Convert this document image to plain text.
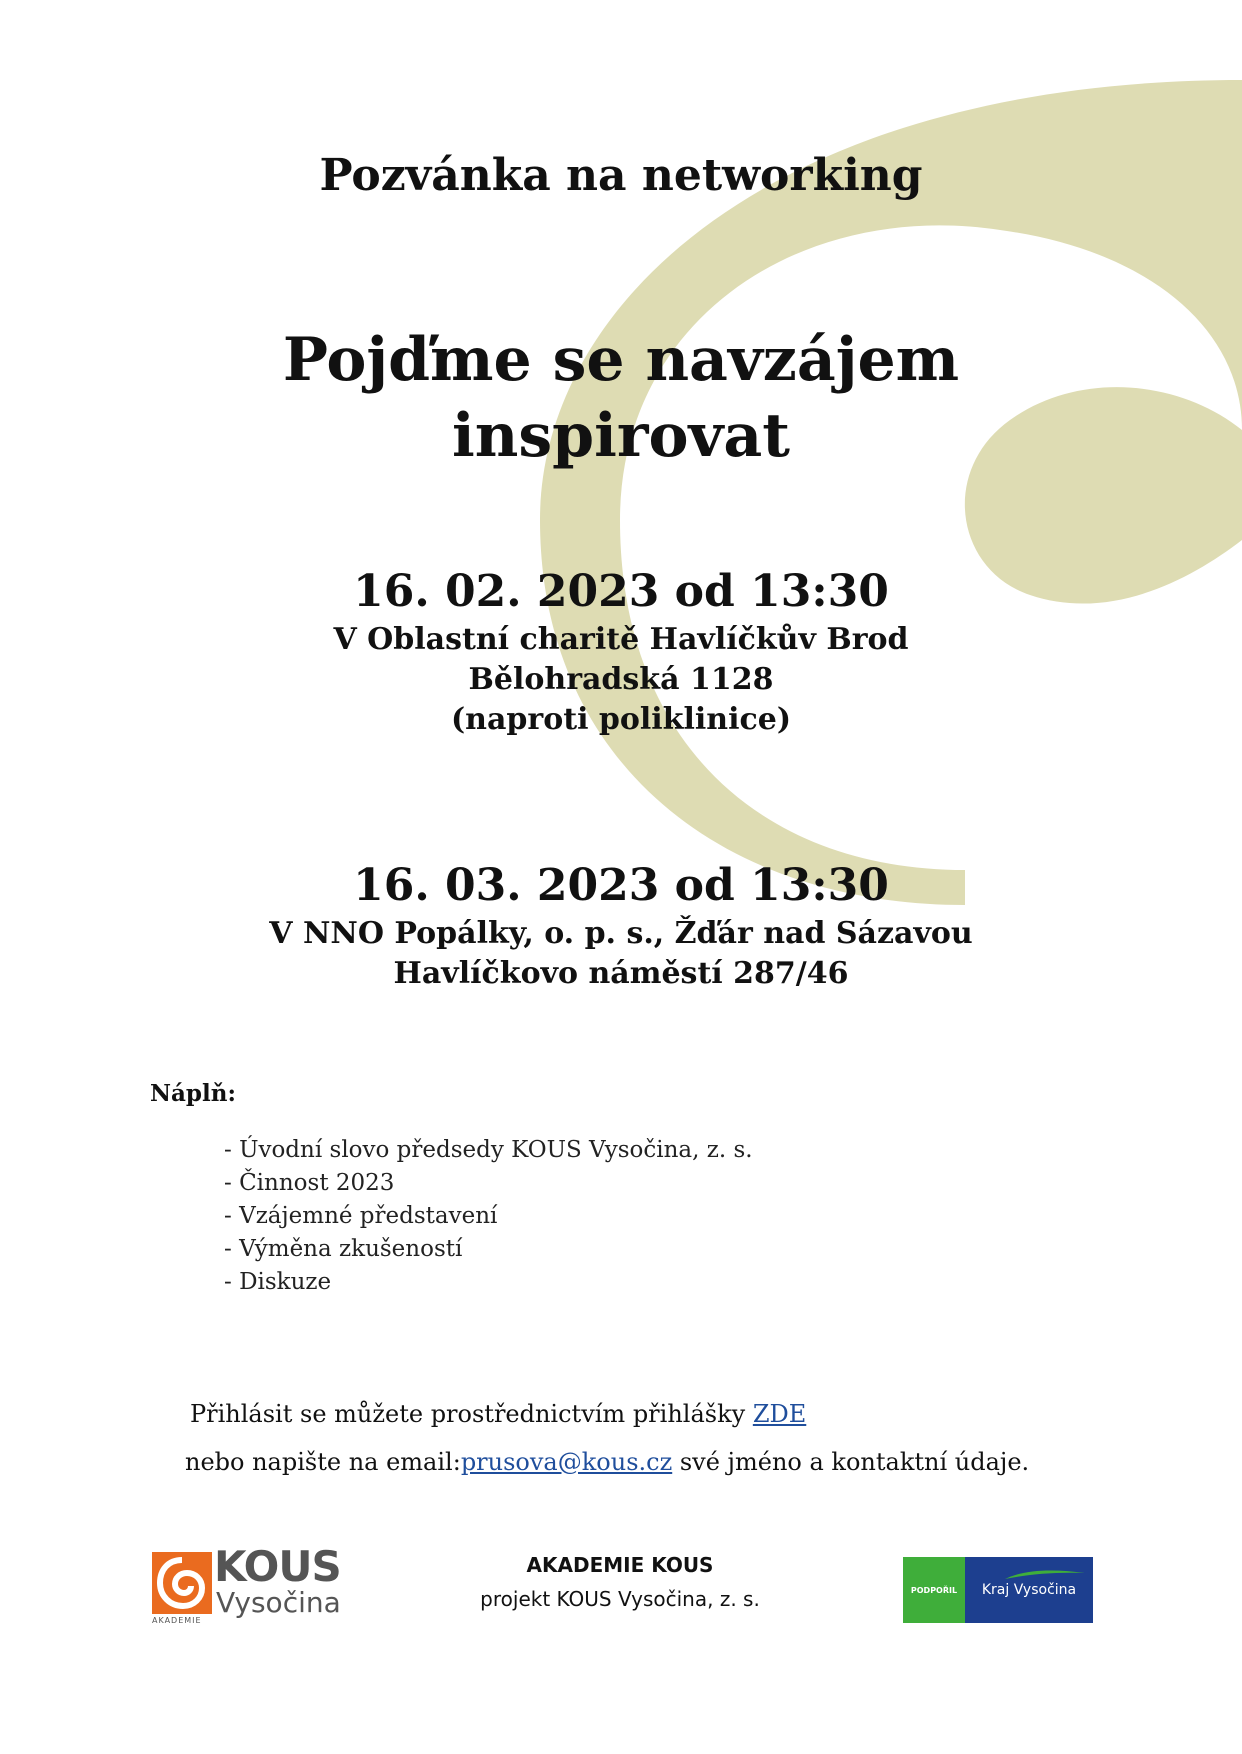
Pozvánka na networking

Pojďme se navzájem
inspirovat

16. 02. 2023 od 13:30
V Oblastní charitě Havlíčkův Brod
Bělohradská 1128
(naproti poliklinice)
16. 03. 2023 od 13:30
V NNO Popálky, o. p. s., Žďár nad Sázavou
Havlíčkovo náměstí 287/46

Náplň:

- Úvodní slovo předsedy KOUS Vysočina, z. s.
- Činnost 2023
- Vzájemné představení
- Výměna zkušeností
- Diskuze

Přihlásit se můžete prostřednictvím přihlášky ZDE

nebo napište na email:prusova@kous.cz své jméno a kontaktní údaje.

KOUS
Vysočina
AKADEMIE

AKADEMIE KOUS

projekt KOUS Vysočina, z. s.	PODPOŘIL	Kraj Vysočina
